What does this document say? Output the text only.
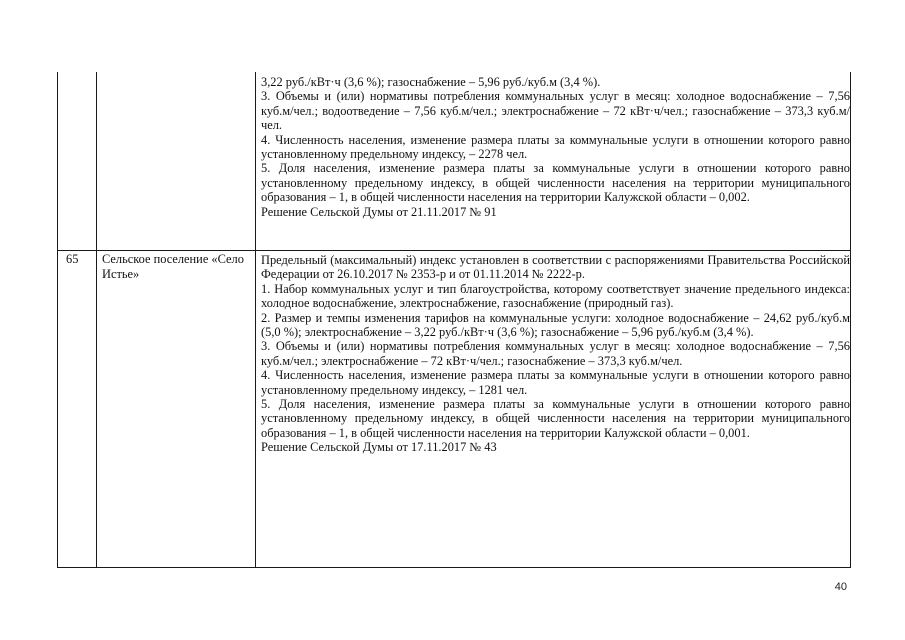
3,22 руб./кВт·ч (3,6 %); газоснабжение – 5,96 руб./куб.м (3,4 %).

3. Объемы и (или) нормативы потребления коммунальных услуг в месяц: холодное водоснабжение – 7,56 куб.м/чел.; водоотведение – 7,56 куб.м/чел.; электроснабжение – 72 кВт·ч/чел.; газоснабжение – 373,3 куб.м/чел.

4. Численность населения, изменение размера платы за коммунальные услуги в отношении которого равно установленному предельному индексу, – 2278 чел.

5. Доля населения, изменение размера платы за коммунальные услуги в отношении которого равно установленному предельному индексу, в общей численности населения на территории муниципального образования – 1, в общей численности населения на территории Калужской области – 0,002.

Решение Сельской Думы от 21.11.2017 № 91

65 Сельское поселение «Село Истье»

Предельный (максимальный) индекс установлен в соответствии с распоряжениями Правительства Российской Федерации от 26.10.2017 № 2353-р и от 01.11.2014 № 2222-р.

1. Набор коммунальных услуг и тип благоустройства, которому соответствует значение предельного индекса: холодное водоснабжение, электроснабжение, газоснабжение (природный газ).

2. Размер и темпы изменения тарифов на коммунальные услуги: холодное водоснабжение – 24,62 руб./куб.м (5,0 %); электроснабжение – 3,22 руб./кВт·ч (3,6 %); газоснабжение – 5,96 руб./куб.м (3,4 %).

3. Объемы и (или) нормативы потребления коммунальных услуг в месяц: холодное водоснабжение – 7,56 куб.м/чел.; электроснабжение – 72 кВт·ч/чел.; газоснабжение – 373,3 куб.м/чел.

4. Численность населения, изменение размера платы за коммунальные услуги в отношении которого равно установленному предельному индексу, – 1281 чел.

5. Доля населения, изменение размера платы за коммунальные услуги в отношении которого равно установленному предельному индексу, в общей численности населения на территории муниципального образования – 1, в общей численности населения на территории Калужской области – 0,001.

Решение Сельской Думы от 17.11.2017 № 43

40
